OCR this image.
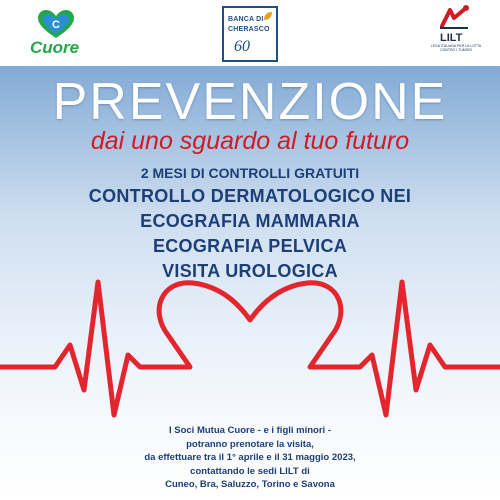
C
Cuore
BANCA DI
CHERASCO
60	LILT
LEGA ITALIANA PER LA LOTTA CONTRO I TUMORI
PREVENZIONE
dai uno sguardo al tuo futuro
2 MESI DI CONTROLLI GRATUITI
CONTROLLO DERMATOLOGICO NEI
ECOGRAFIA MAMMARIA
ECOGRAFIA PELVICA
VISITA UROLOGICA
I Soci Mutua Cuore - e i figli minori -
potranno prenotare la visita,
da effettuare tra il 1° aprile e il 31 maggio 2023,
contattando le sedi LILT di
Cuneo, Bra, Saluzzo, Torino e Savona
